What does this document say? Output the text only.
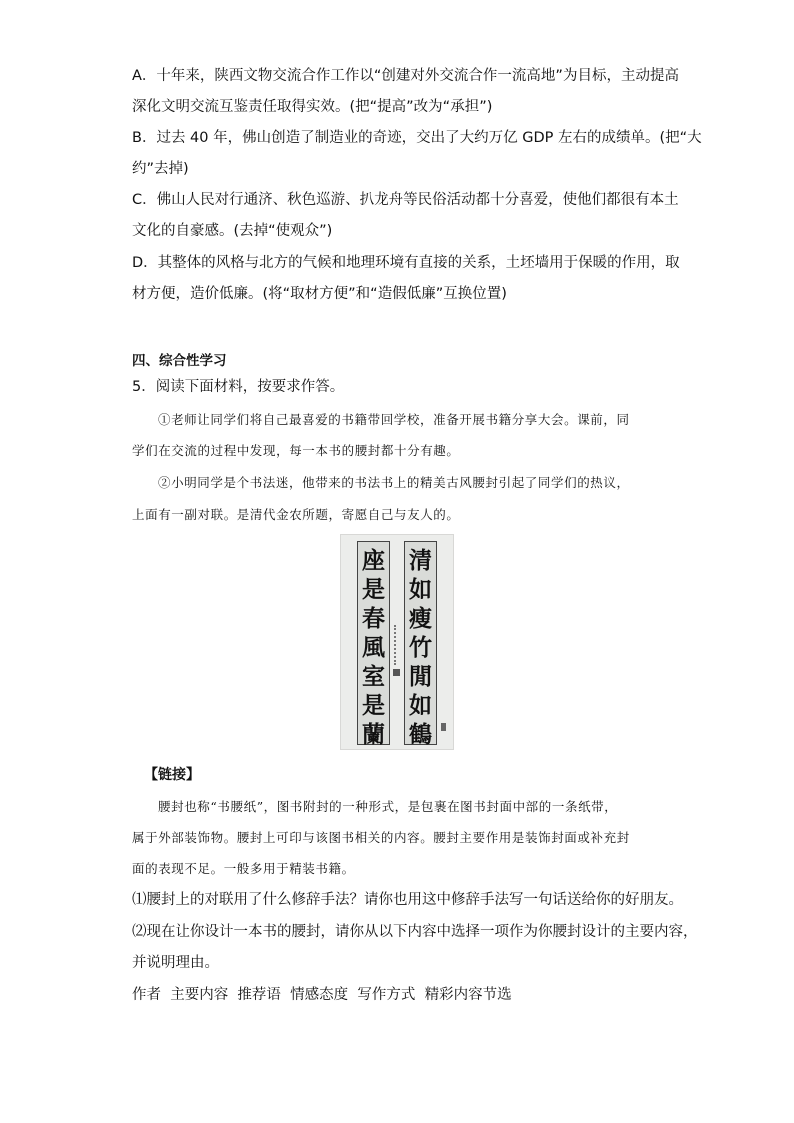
A．十年来，陕西文物交流合作工作以“创建对外交流合作一流高地”为目标，主动提高
深化文明交流互鉴责任取得实效。(把“提高”改为“承担”)
B．过去 40 年，佛山创造了制造业的奇迹，交出了大约万亿 GDP 左右的成绩单。(把“大
约”去掉)
C．佛山人民对行通济、秋色巡游、扒龙舟等民俗活动都十分喜爱，使他们都很有本土
文化的自豪感。(去掉“使观众”)
D．其整体的风格与北方的气候和地理环境有直接的关系，土坯墙用于保暖的作用，取
材方便，造价低廉。(将“取材方便”和“造假低廉”互换位置)
四、综合性学习
5．阅读下面材料，按要求作答。
①老师让同学们将自己最喜爱的书籍带回学校，准备开展书籍分享大会。课前，同
学们在交流的过程中发现，每一本书的腰封都十分有趣。
②小明同学是个书法迷，他带来的书法书上的精美古风腰封引起了同学们的热议，
上面有一副对联。是清代金农所题，寄愿自己与友人的。
座
是
春
風
室
是
蘭
清
如
瘦
竹
閒
如
鶴
【链接】
腰封也称“书腰纸”，图书附封的一种形式，是包裹在图书封面中部的一条纸带，
属于外部装饰物。腰封上可印与该图书相关的内容。腰封主要作用是装饰封面或补充封
面的表现不足。一般多用于精装书籍。
⑴腰封上的对联用了什么修辞手法？请你也用这中修辞手法写一句话送给你的好朋友。
⑵现在让你设计一本书的腰封，请你从以下内容中选择一项作为你腰封设计的主要内容，
并说明理由。
作者  主要内容  推荐语  情感态度  写作方式  精彩内容节选
